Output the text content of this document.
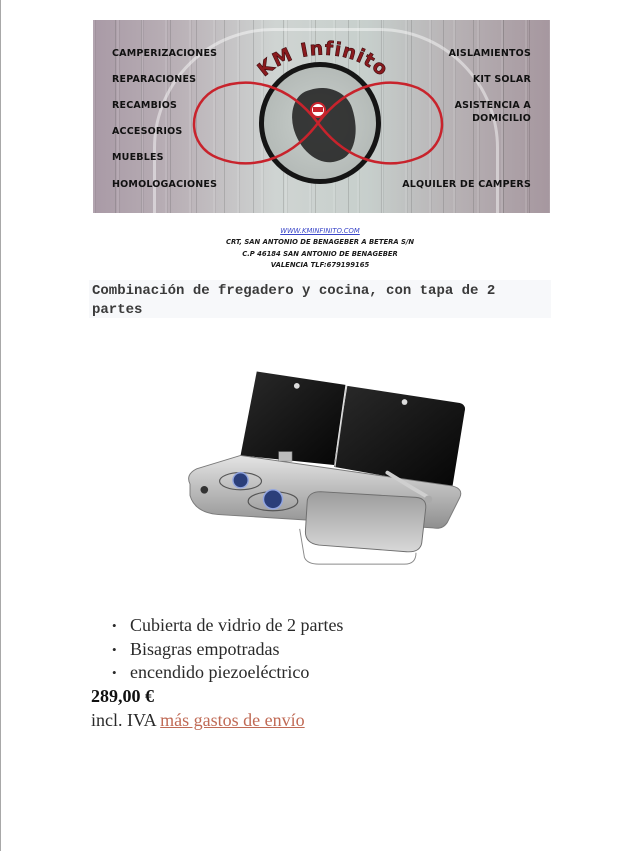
CAMPERIZACIONES
REPARACIONES
RECAMBIOS
ACCESORIOS
MUEBLES
HOMOLOGACIONES
AISLAMIENTOS
KIT SOLAR
ASISTENCIA A
DOMICILIO
ALQUILER DE CAMPERS
KM Infinito
WWW.KMINFINITO.COM
CRT, SAN ANTONIO DE BENAGEBER A BETERA S/N
C.P 46184 SAN ANTONIO DE BENAGEBER
VALENCIA TLF:679199165
Combinación de fregadero y cocina, con tapa de 2 partes
• Cubierta de vidrio de 2 partes
• Bisagras empotradas
• encendido piezoeléctrico
289,00 €
incl. IVA más gastos de envío
